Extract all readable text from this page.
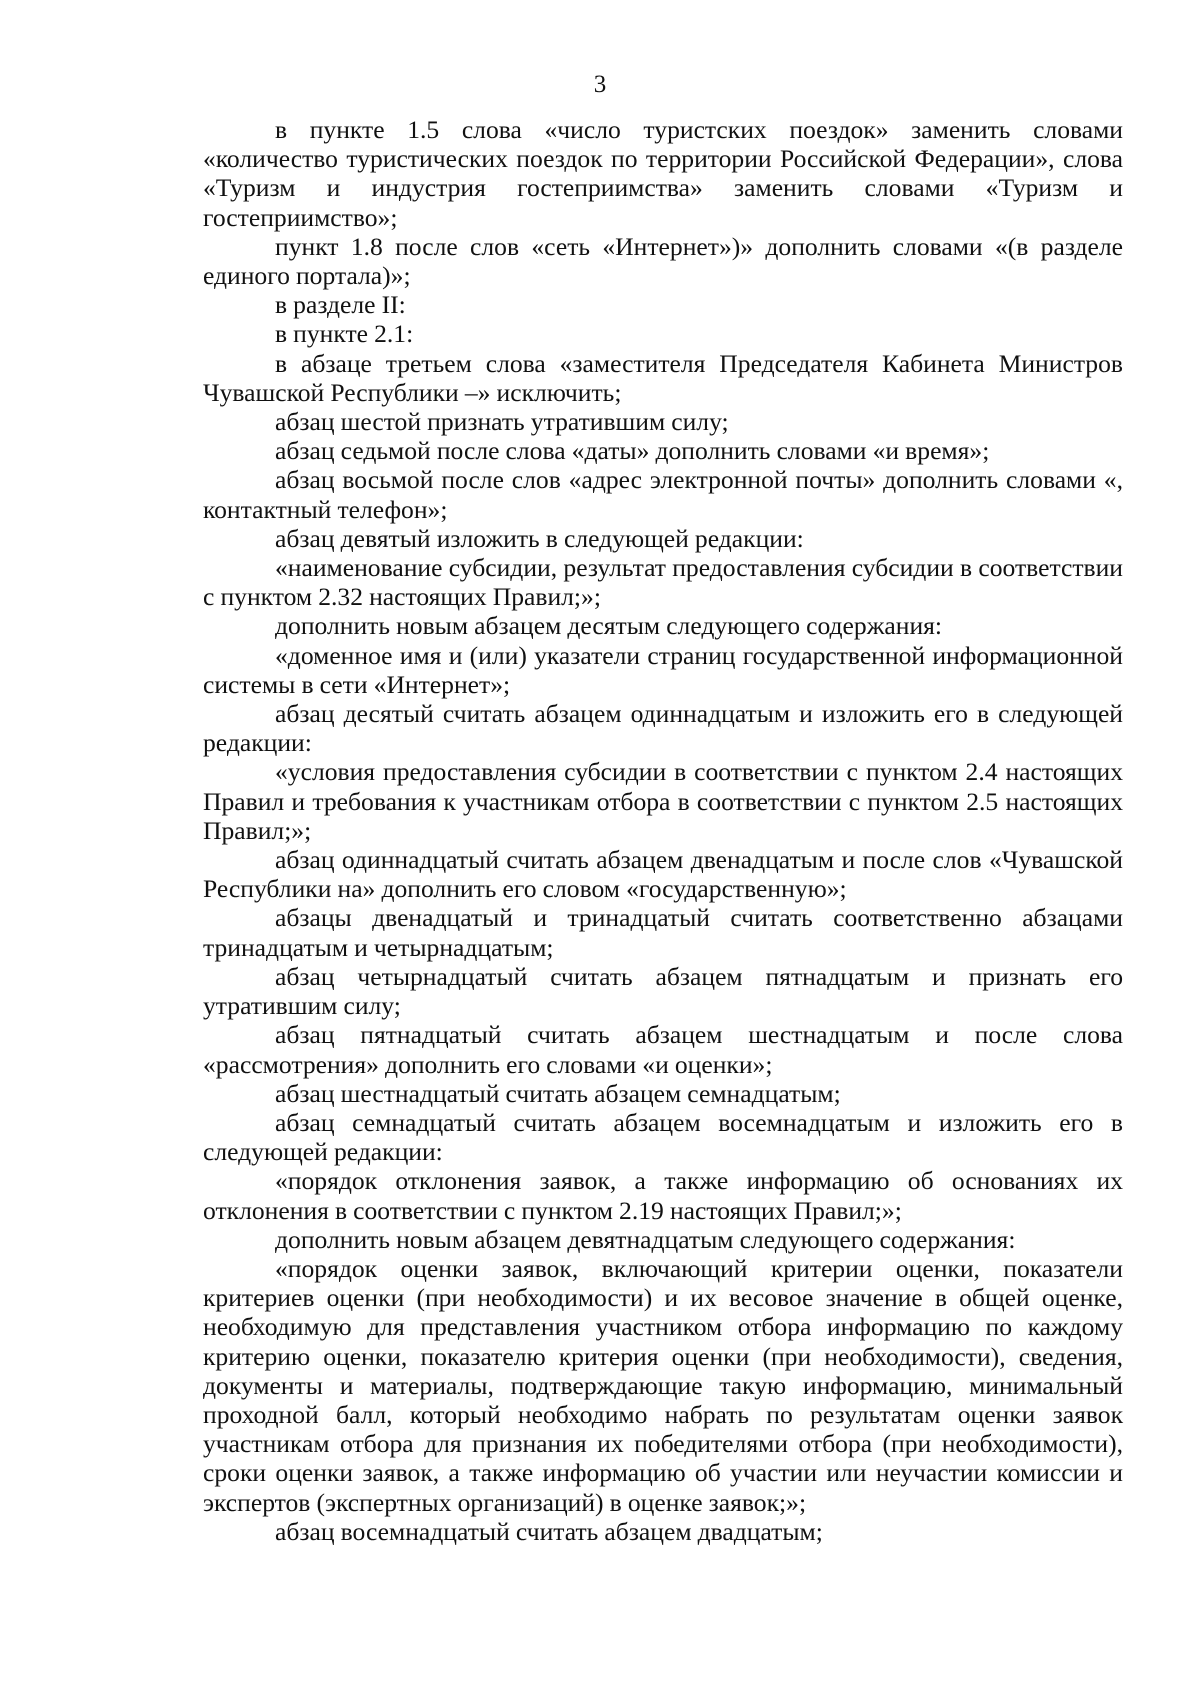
3

в пункте 1.5 слова «число туристских поездок» заменить словами «количество туристических поездок по территории Российской Федерации», слова «Туризм и индустрия гостеприимства» заменить словами «Туризм и гостеприимство»;

пункт 1.8 после слов «сеть «Интернет»)» дополнить словами «(в разделе единого портала)»;

в разделе II:

в пункте 2.1:

в абзаце третьем слова «заместителя Председателя Кабинета Министров Чувашской Республики –» исключить;

абзац шестой признать утратившим силу;

абзац седьмой после слова «даты» дополнить словами «и время»;

абзац восьмой после слов «адрес электронной почты» дополнить словами «, контактный телефон»;

абзац девятый изложить в следующей редакции:

«наименование субсидии, результат предоставления субсидии в соответствии с пунктом 2.32 настоящих Правил;»;

дополнить новым абзацем десятым следующего содержания:

«доменное имя и (или) указатели страниц государственной информационной системы в сети «Интернет»;

абзац десятый считать абзацем одиннадцатым и изложить его в следующей редакции:

«условия предоставления субсидии в соответствии с пунктом 2.4 настоящих Правил и требования к участникам отбора в соответствии с пунктом 2.5 настоящих Правил;»;

абзац одиннадцатый считать абзацем двенадцатым и после слов «Чувашской Республики на» дополнить его словом «государственную»;

абзацы двенадцатый и тринадцатый считать соответственно абзацами тринадцатым и четырнадцатым;

абзац четырнадцатый считать абзацем пятнадцатым и признать его утратившим силу;

абзац пятнадцатый считать абзацем шестнадцатым и после слова «рассмотрения» дополнить его словами «и оценки»;

абзац шестнадцатый считать абзацем семнадцатым;

абзац семнадцатый считать абзацем восемнадцатым и изложить его в следующей редакции:

«порядок отклонения заявок, а также информацию об основаниях их отклонения в соответствии с пунктом 2.19 настоящих Правил;»;

дополнить новым абзацем девятнадцатым следующего содержания:

«порядок оценки заявок, включающий критерии оценки, показатели критериев оценки (при необходимости) и их весовое значение в общей оценке, необходимую для представления участником отбора информацию по каждому критерию оценки, показателю критерия оценки (при необходимости), сведения, документы и материалы, подтверждающие такую информацию, минимальный проходной балл, который необходимо набрать по результатам оценки заявок участникам отбора для признания их победителями отбора (при необходимости), сроки оценки заявок, а также информацию об участии или неучастии комиссии и экспертов (экспертных организаций) в оценке заявок;»;

абзац восемнадцатый считать абзацем двадцатым;
